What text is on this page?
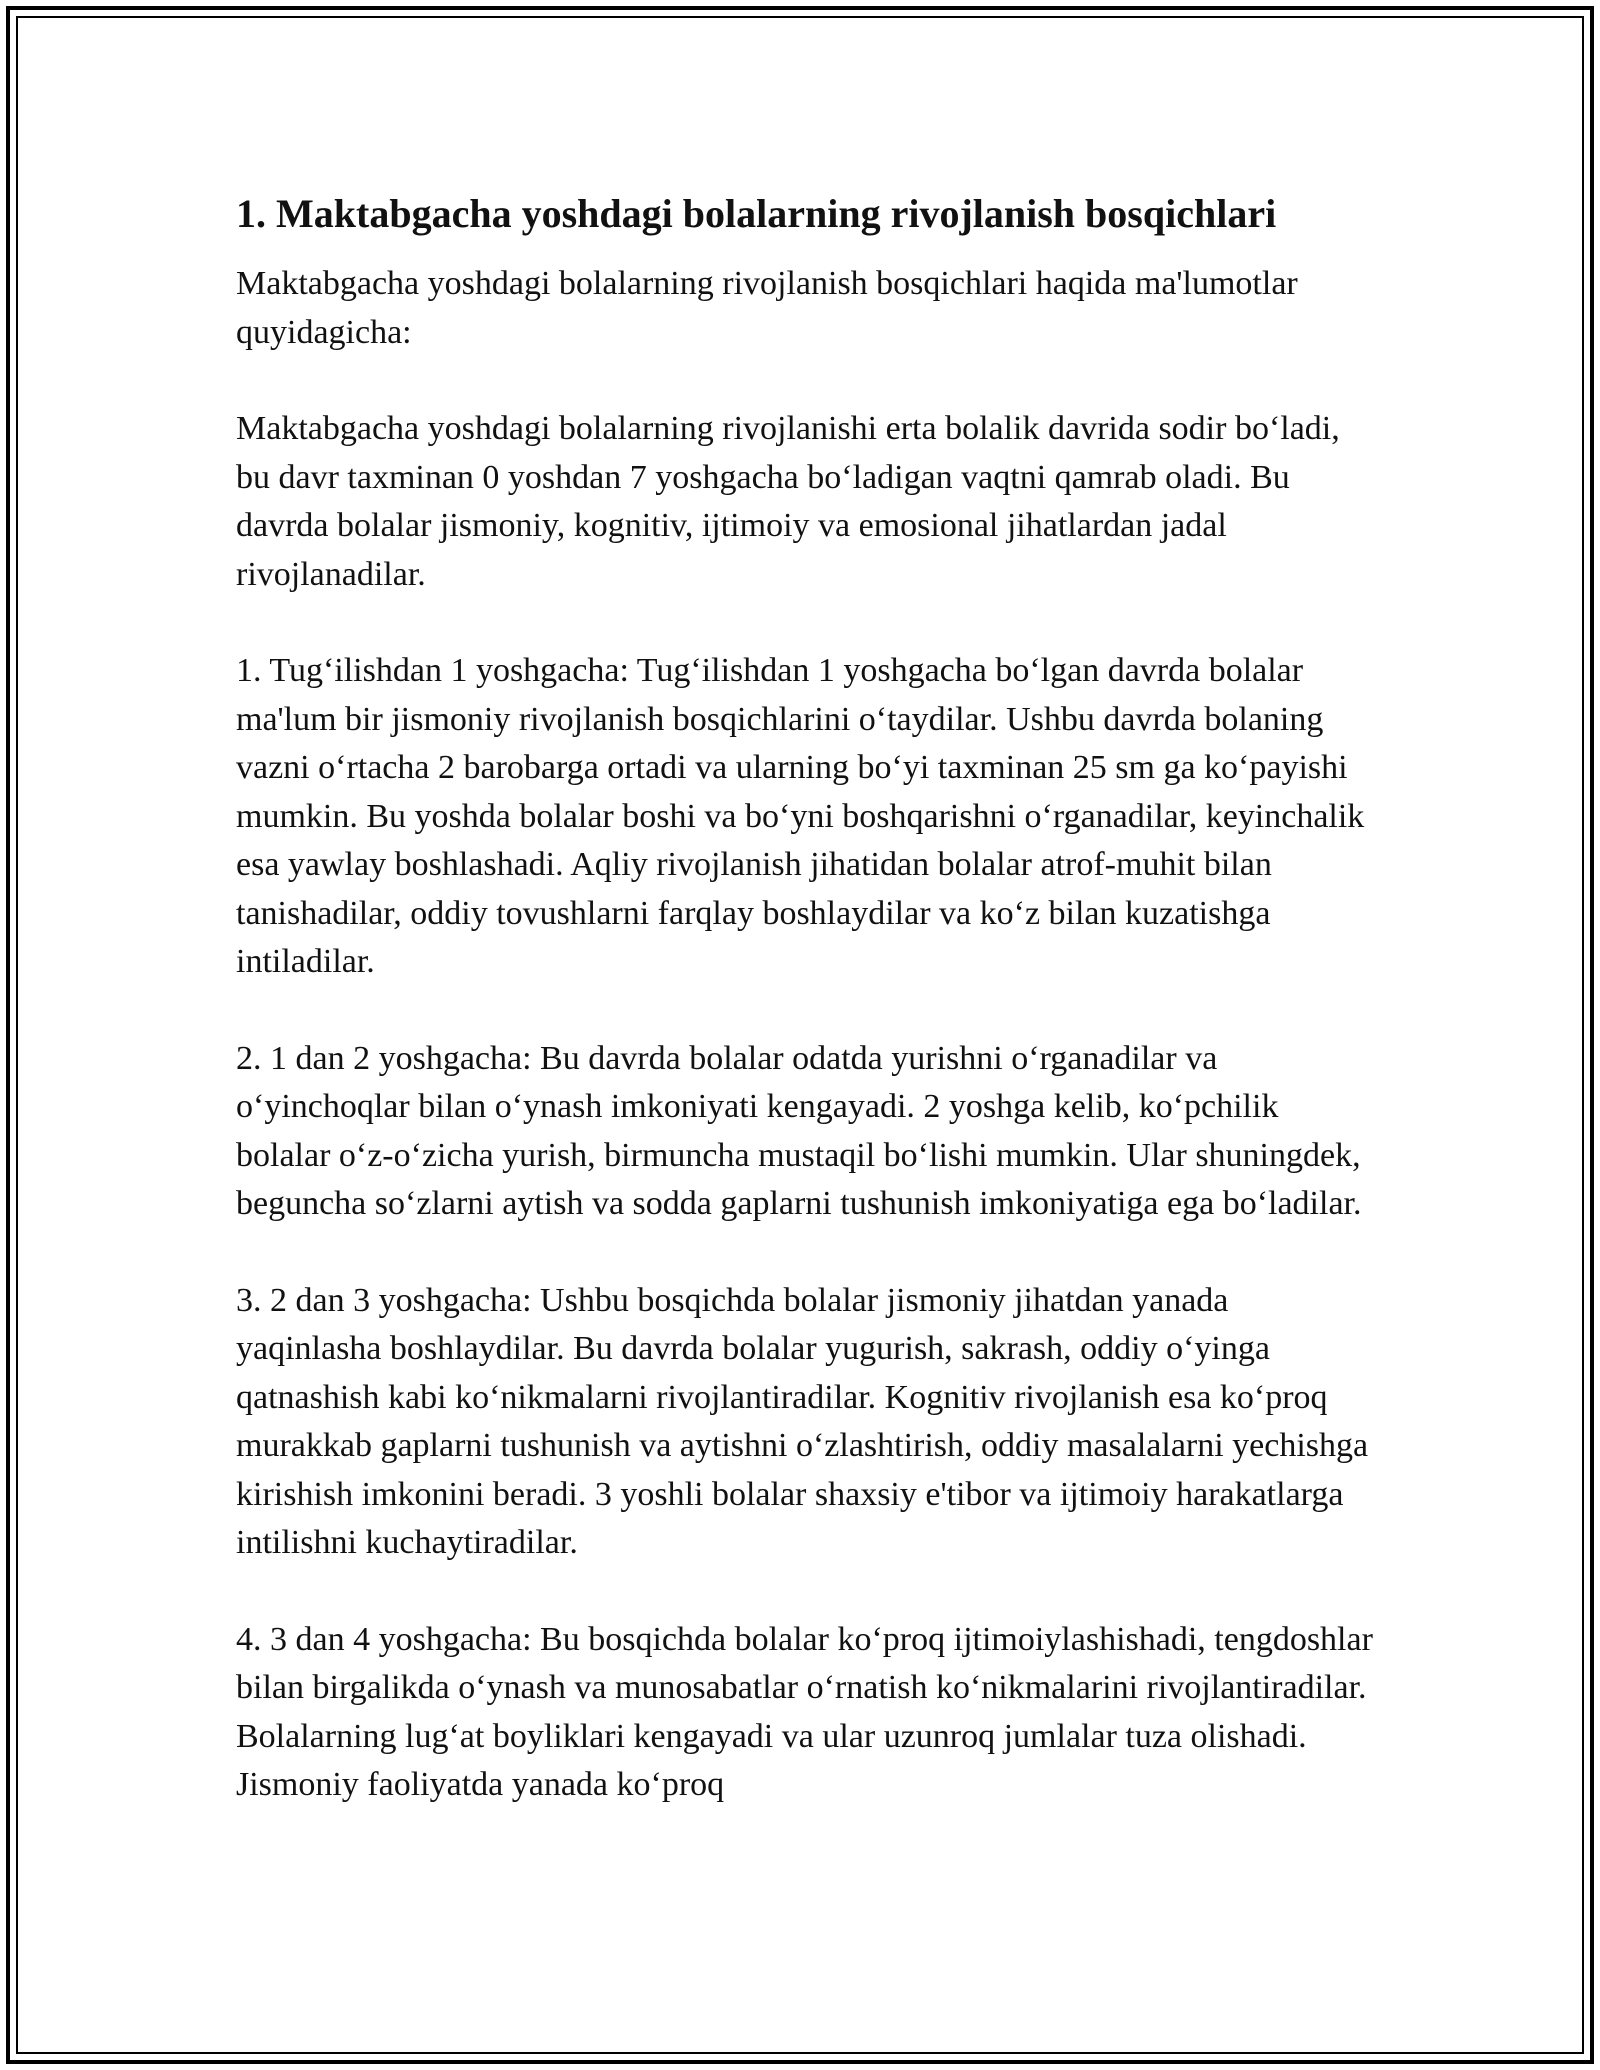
1. Maktabgacha yoshdagi bolalarning rivojlanish bosqichlari

Maktabgacha yoshdagi bolalarning rivojlanish bosqichlari haqida ma'lumotlar quyidagicha:

Maktabgacha yoshdagi bolalarning rivojlanishi erta bolalik davrida sodir bo‘ladi, bu davr taxminan 0 yoshdan 7 yoshgacha bo‘ladigan vaqtni qamrab oladi. Bu davrda bolalar jismoniy, kognitiv, ijtimoiy va emosional jihatlardan jadal rivojlanadilar.

1. Tug‘ilishdan 1 yoshgacha: Tug‘ilishdan 1 yoshgacha bo‘lgan davrda bolalar ma'lum bir jismoniy rivojlanish bosqichlarini o‘taydilar. Ushbu davrda bolaning vazni o‘rtacha 2 barobarga ortadi va ularning bo‘yi taxminan 25 sm ga ko‘payishi mumkin. Bu yoshda bolalar boshi va bo‘yni boshqarishni o‘rganadilar, keyinchalik esa yawlay boshlashadi. Aqliy rivojlanish jihatidan bolalar atrof-muhit bilan tanishadilar, oddiy tovushlarni farqlay boshlaydilar va ko‘z bilan kuzatishga intiladilar.

2. 1 dan 2 yoshgacha: Bu davrda bolalar odatda yurishni o‘rganadilar va o‘yinchoqlar bilan o‘ynash imkoniyati kengayadi. 2 yoshga kelib, ko‘pchilik bolalar o‘z-o‘zicha yurish, birmuncha mustaqil bo‘lishi mumkin. Ular shuningdek, beguncha so‘zlarni aytish va sodda gaplarni tushunish imkoniyatiga ega bo‘ladilar.

3. 2 dan 3 yoshgacha: Ushbu bosqichda bolalar jismoniy jihatdan yanada yaqinlasha boshlaydilar. Bu davrda bolalar yugurish, sakrash, oddiy o‘yinga qatnashish kabi ko‘nikmalarni rivojlantiradilar. Kognitiv rivojlanish esa ko‘proq murakkab gaplarni tushunish va aytishni o‘zlashtirish, oddiy masalalarni yechishga kirishish imkonini beradi. 3 yoshli bolalar shaxsiy e'tibor va ijtimoiy harakatlarga intilishni kuchaytiradilar.

4. 3 dan 4 yoshgacha: Bu bosqichda bolalar ko‘proq ijtimoiylashishadi, tengdoshlar bilan birgalikda o‘ynash va munosabatlar o‘rnatish ko‘nikmalarini rivojlantiradilar. Bolalarning lug‘at boyliklari kengayadi va ular uzunroq jumlalar tuza olishadi. Jismoniy faoliyatda yanada ko‘proq
